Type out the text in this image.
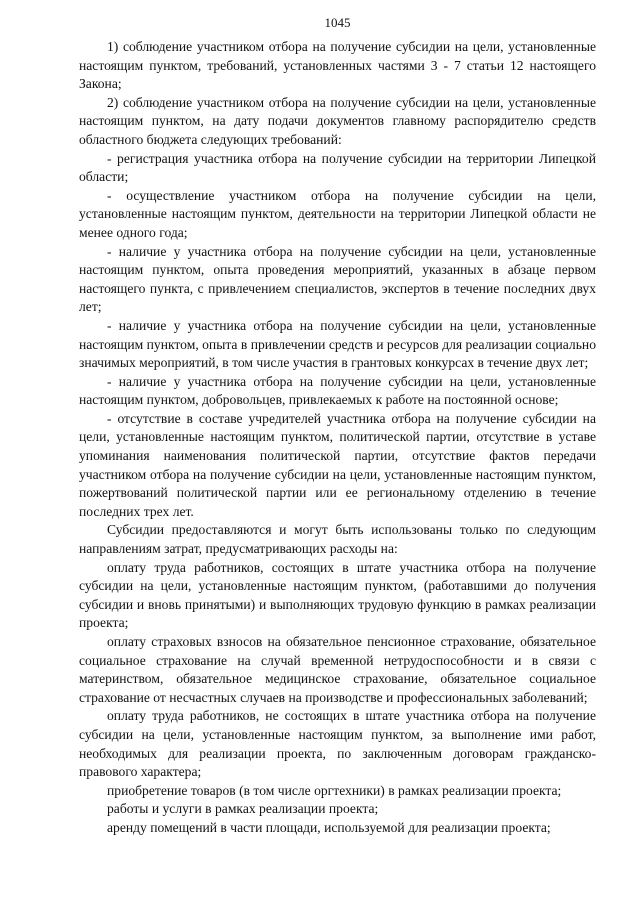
1045

1) соблюдение участником отбора на получение субсидии на цели, установленные настоящим пунктом, требований, установленных частями 3 - 7 статьи 12 настоящего Закона;

2) соблюдение участником отбора на получение субсидии на цели, установленные настоящим пунктом, на дату подачи документов главному распорядителю средств областного бюджета следующих требований:

- регистрация участника отбора на получение субсидии на территории Липецкой области;

- осуществление участником отбора на получение субсидии на цели, установленные настоящим пунктом, деятельности на территории Липецкой области не менее одного года;

- наличие у участника отбора на получение субсидии на цели, установленные настоящим пунктом, опыта проведения мероприятий, указанных в абзаце первом настоящего пункта, с привлечением специалистов, экспертов в течение последних двух лет;

- наличие у участника отбора на получение субсидии на цели, установленные настоящим пунктом, опыта в привлечении средств и ресурсов для реализации социально значимых мероприятий, в том числе участия в грантовых конкурсах в течение двух лет;

- наличие у участника отбора на получение субсидии на цели, установленные настоящим пунктом, добровольцев, привлекаемых к работе на постоянной основе;

- отсутствие в составе учредителей участника отбора на получение субсидии на цели, установленные настоящим пунктом, политической партии, отсутствие в уставе упоминания наименования политической партии, отсутствие фактов передачи участником отбора на получение субсидии на цели, установленные настоящим пунктом, пожертвований политической партии или ее региональному отделению в течение последних трех лет.

Субсидии предоставляются и могут быть использованы только по следующим направлениям затрат, предусматривающих расходы на:

оплату труда работников, состоящих в штате участника отбора на получение субсидии на цели, установленные настоящим пунктом, (работавшими до получения субсидии и вновь принятыми) и выполняющих трудовую функцию в рамках реализации проекта;

оплату страховых взносов на обязательное пенсионное страхование, обязательное социальное страхование на случай временной нетрудоспособности и в связи с материнством, обязательное медицинское страхование, обязательное социальное страхование от несчастных случаев на производстве и профессиональных заболеваний;

оплату труда работников, не состоящих в штате участника отбора на получение субсидии на цели, установленные настоящим пунктом, за выполнение ими работ, необходимых для реализации проекта, по заключенным договорам гражданско-правового характера;

приобретение товаров (в том числе оргтехники) в рамках реализации проекта;

работы и услуги в рамках реализации проекта;

аренду помещений в части площади, используемой для реализации проекта;
